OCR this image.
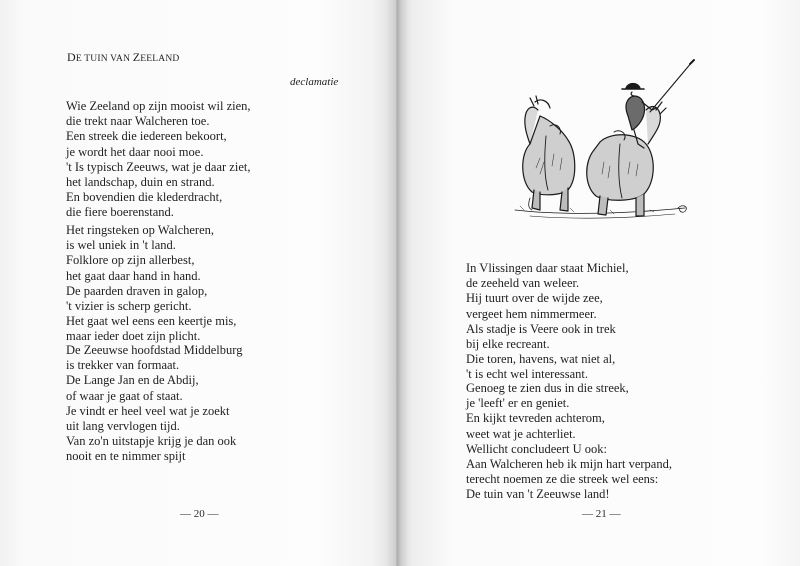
DE TUIN VAN ZEELAND
declamatie
Wie Zeeland op zijn mooist wil zien,
die trekt naar Walcheren toe.
Een streek die iedereen bekoort,
je wordt het daar nooi moe.
't Is typisch Zeeuws, wat je daar ziet,
het landschap, duin en strand.
En bovendien die klederdracht,
die fiere boerenstand.
Het ringsteken op Walcheren,
is wel uniek in 't land.
Folklore op zijn allerbest,
het gaat daar hand in hand.
De paarden draven in galop,
't vizier is scherp gericht.
Het gaat wel eens een keertje mis,
maar ieder doet zijn plicht.
De Zeeuwse hoofdstad Middelburg
is trekker van formaat.
De Lange Jan en de Abdij,
of waar je gaat of staat.
Je vindt er heel veel wat je zoekt
uit lang vervlogen tijd.
Van zo'n uitstapje krijg je dan ook
nooit en te nimmer spijt
— 20 —
In Vlissingen daar staat Michiel,
de zeeheld van weleer.
Hij tuurt over de wijde zee,
vergeet hem nimmermeer.
Als stadje is Veere ook in trek
bij elke recreant.
Die toren, havens, wat niet al,
't is echt wel interessant.
Genoeg te zien dus in die streek,
je 'leeft' er en geniet.
En kijkt tevreden achterom,
weet wat je achterliet.
Wellicht concludeert U ook:
Aan Walcheren heb ik mijn hart verpand,
terecht noemen ze die streek wel eens:
De tuin van 't Zeeuwse land!
— 21 —
